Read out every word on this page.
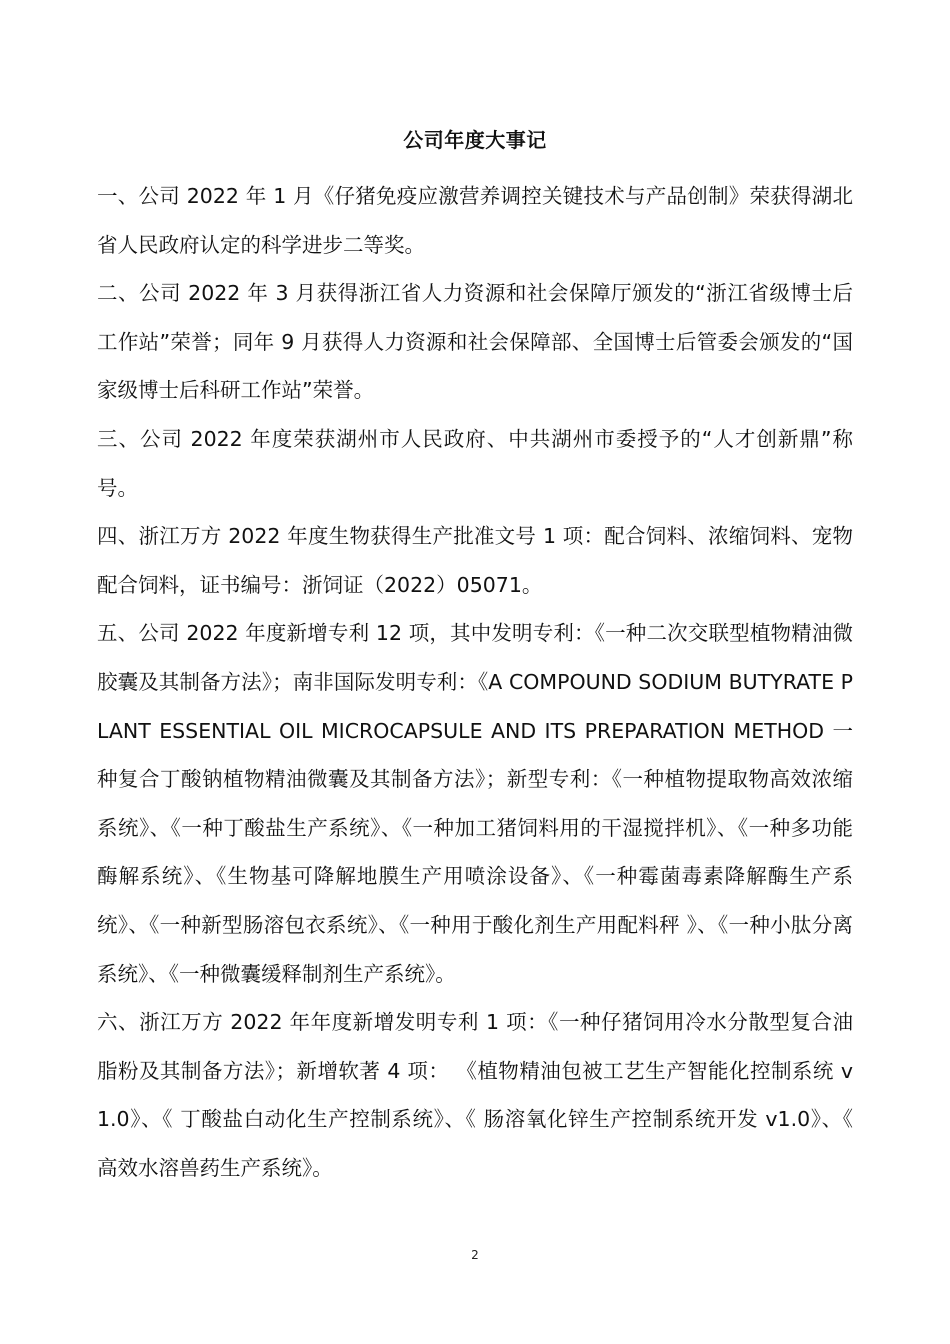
公司年度大事记

一、公司 2022 年 1 月《仔猪免疫应激营养调控关键技术与产品创制》荣获得湖北省人民政府认定的科学进步二等奖。

二、公司 2022 年 3 月获得浙江省人力资源和社会保障厅颁发的“浙江省级博士后工作站”荣誉；同年 9 月获得人力资源和社会保障部、全国博士后管委会颁发的“国家级博士后科研工作站”荣誉。

三、公司 2022 年度荣获湖州市人民政府、中共湖州市委授予的“人才创新鼎”称号。

四、浙江万方 2022 年度生物获得生产批准文号 1 项：配合饲料、浓缩饲料、宠物配合饲料，证书编号：浙饲证（2022）05071。

五、公司 2022 年度新增专利 12 项，其中发明专利：《一种二次交联型植物精油微胶囊及其制备方法》；南非国际发明专利：《A COMPOUND SODIUM BUTYRATE PLANT ESSENTIAL OIL MICROCAPSULE AND ITS PREPARATION METHOD 一种复合丁酸钠植物精油微囊及其制备方法》；新型专利：《一种植物提取物高效浓缩系统》、《一种丁酸盐生产系统》、《一种加工猪饲料用的干湿搅拌机》、《一种多功能酶解系统》、《生物基可降解地膜生产用喷涂设备》、《一种霉菌毒素降解酶生产系统》、《一种新型肠溶包衣系统》、《一种用于酸化剂生产用配料秤 》、《一种小肽分离系统》、《一种微囊缓释制剂生产系统》。

六、浙江万方 2022 年年度新增发明专利 1 项：《一种仔猪饲用冷水分散型复合油脂粉及其制备方法》；新增软著 4 项： 《植物精油包被工艺生产智能化控制系统 v1.0》、《 丁酸盐白动化生产控制系统》、《 肠溶氧化锌生产控制系统开发 v1.0》、《 高效水溶兽药生产系统》。

2
